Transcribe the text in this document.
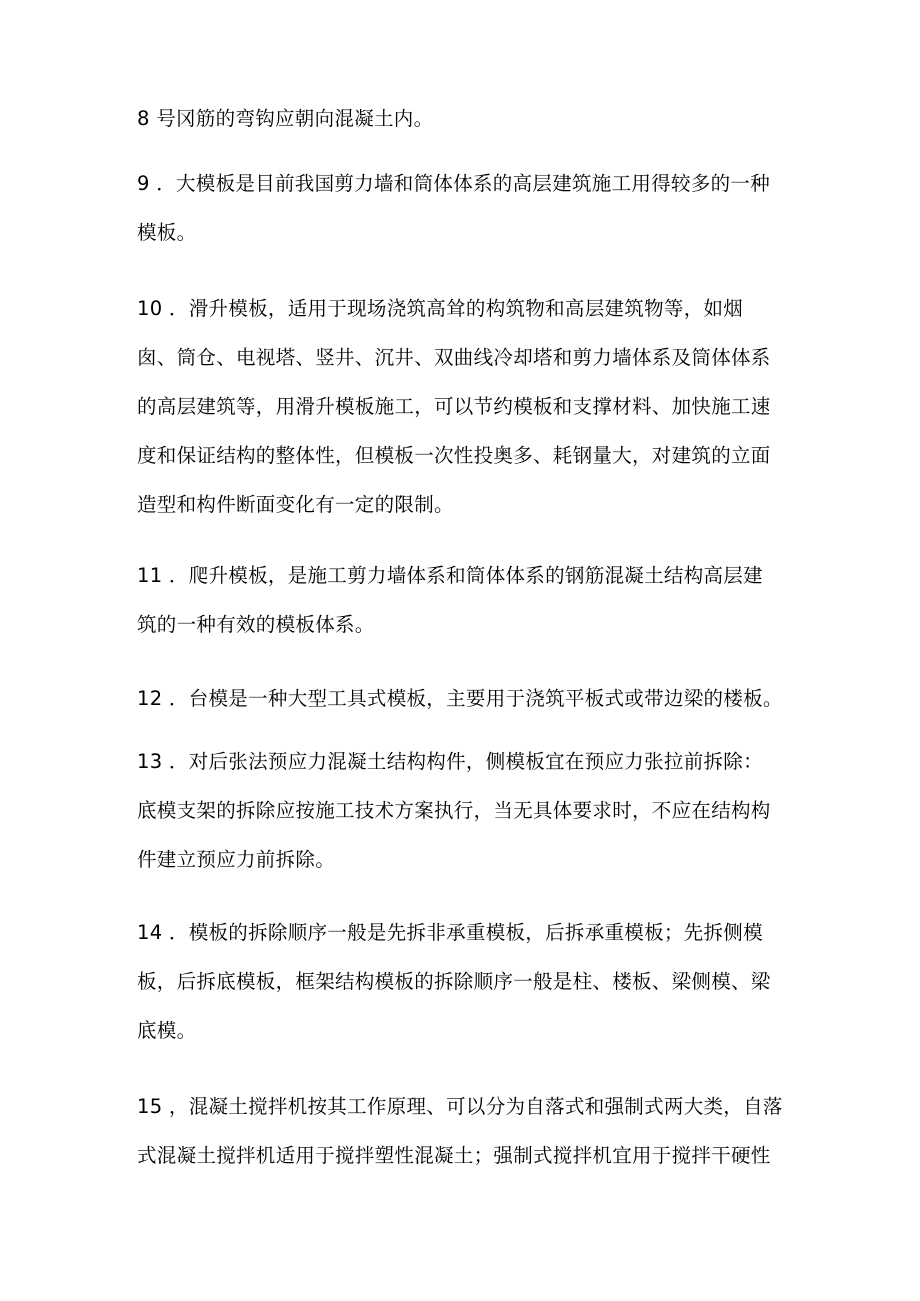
8 号冈筋的弯钩应朝向混凝土内。

9 ．大模板是目前我国剪力墙和筒体体系的高层建筑施工用得较多的一种
模板。

10 ．滑升模板，适用于现场浇筑高耸的构筑物和高层建筑物等，如烟
囱、筒仓、电视塔、竖井、沉井、双曲线冷却塔和剪力墙体系及筒体体系
的高层建筑等，用滑升模板施工，可以节约模板和支撑材料、加快施工速
度和保证结构的整体性，但模板一次性投奥多、耗钢量大，对建筑的立面
造型和构件断面变化有一定的限制。

11 ．爬升模板，是施工剪力墙体系和筒体体系的钢筋混凝土结构高层建
筑的一种有效的模板体系。

12 ．台模是一种大型工具式模板，主要用于浇筑平板式或带边梁的楼板。

13 ．对后张法预应力混凝土结构构件，侧模板宜在预应力张拉前拆除：
底模支架的拆除应按施工技术方案执行，当无具体要求时，不应在结构构
件建立预应力前拆除。

14 ．模板的拆除顺序一般是先拆非承重模板，后拆承重模板；先拆侧模
板，后拆底模板，框架结构模板的拆除顺序一般是柱、楼板、梁侧模、梁
底模。

15 ，混凝土搅拌机按其工作原理、可以分为自落式和强制式两大类，自落
式混凝土搅拌机适用于搅拌塑性混凝土；强制式搅拌机宜用于搅拌干硬性
